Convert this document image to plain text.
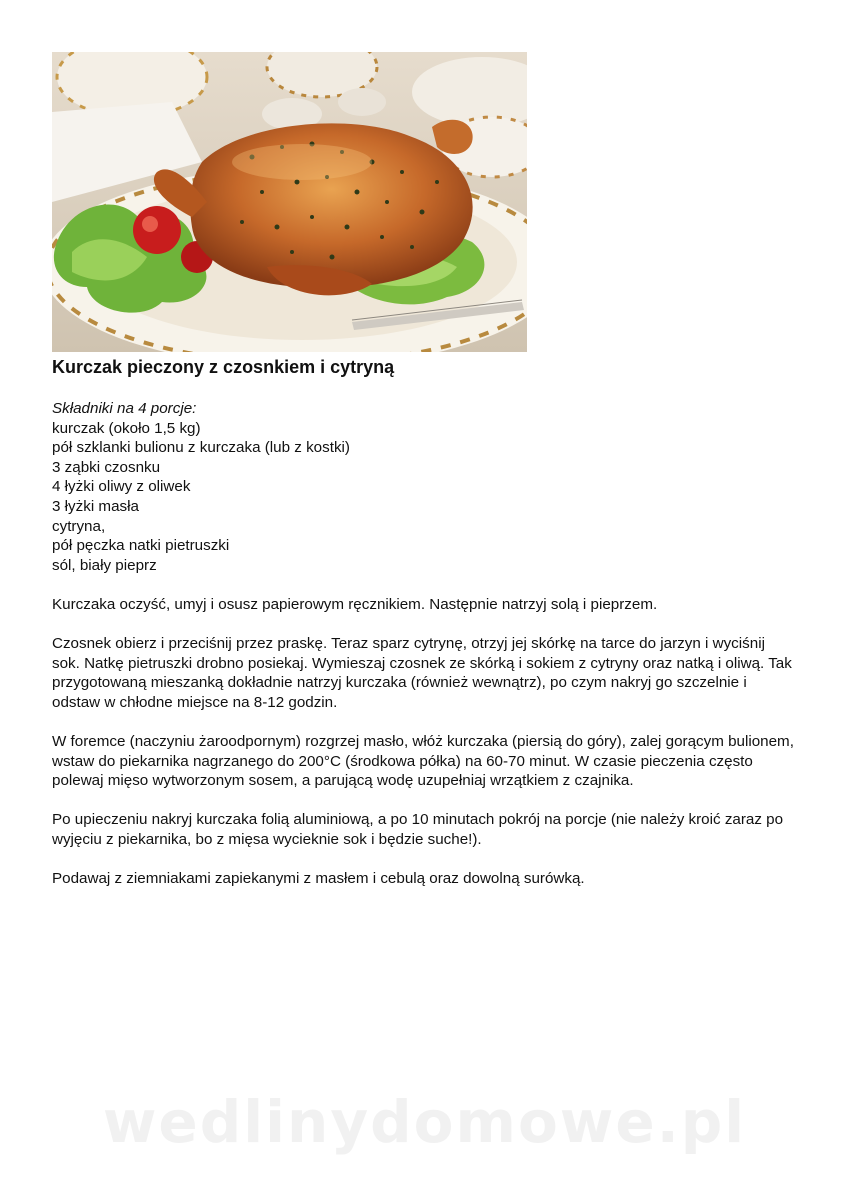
Kurczak pieczony z czosnkiem i cytryną
Składniki na 4 porcje:
kurczak (około 1,5 kg)
pół szklanki bulionu z kurczaka (lub z kostki)
3 ząbki czosnku
4 łyżki oliwy z oliwek
3 łyżki masła
cytryna,
pół pęczka natki pietruszki
sól, biały pieprz

Kurczaka oczyść, umyj i osusz papierowym ręcznikiem. Następnie natrzyj solą i pieprzem.

Czosnek obierz i przeciśnij przez praskę. Teraz sparz cytrynę, otrzyj jej skórkę na tarce do jarzyn i wyciśnij sok. Natkę pietruszki drobno posiekaj. Wymieszaj czosnek ze skórką i sokiem z cytryny oraz natką i oliwą. Tak przygotowaną mieszanką dokładnie natrzyj kurczaka (również wewnątrz), po czym nakryj go szczelnie i odstaw w chłodne miejsce na 8-12 godzin.

W foremce (naczyniu żaroodpornym) rozgrzej masło, włóż kurczaka (piersią do góry), zalej gorącym bulionem, wstaw do piekarnika nagrzanego do 200°C (środkowa półka) na 60-70 minut. W czasie pieczenia często polewaj mięso wytworzonym sosem, a parującą wodę uzupełniaj wrzątkiem z czajnika.

Po upieczeniu nakryj kurczaka folią aluminiową, a po 10 minutach pokrój na porcje (nie należy kroić zaraz po wyjęciu z piekarnika, bo z mięsa wycieknie sok i będzie suche!).

Podawaj z ziemniakami zapiekanymi z masłem i cebulą oraz dowolną surówką.

wedlinydomowe.pl
